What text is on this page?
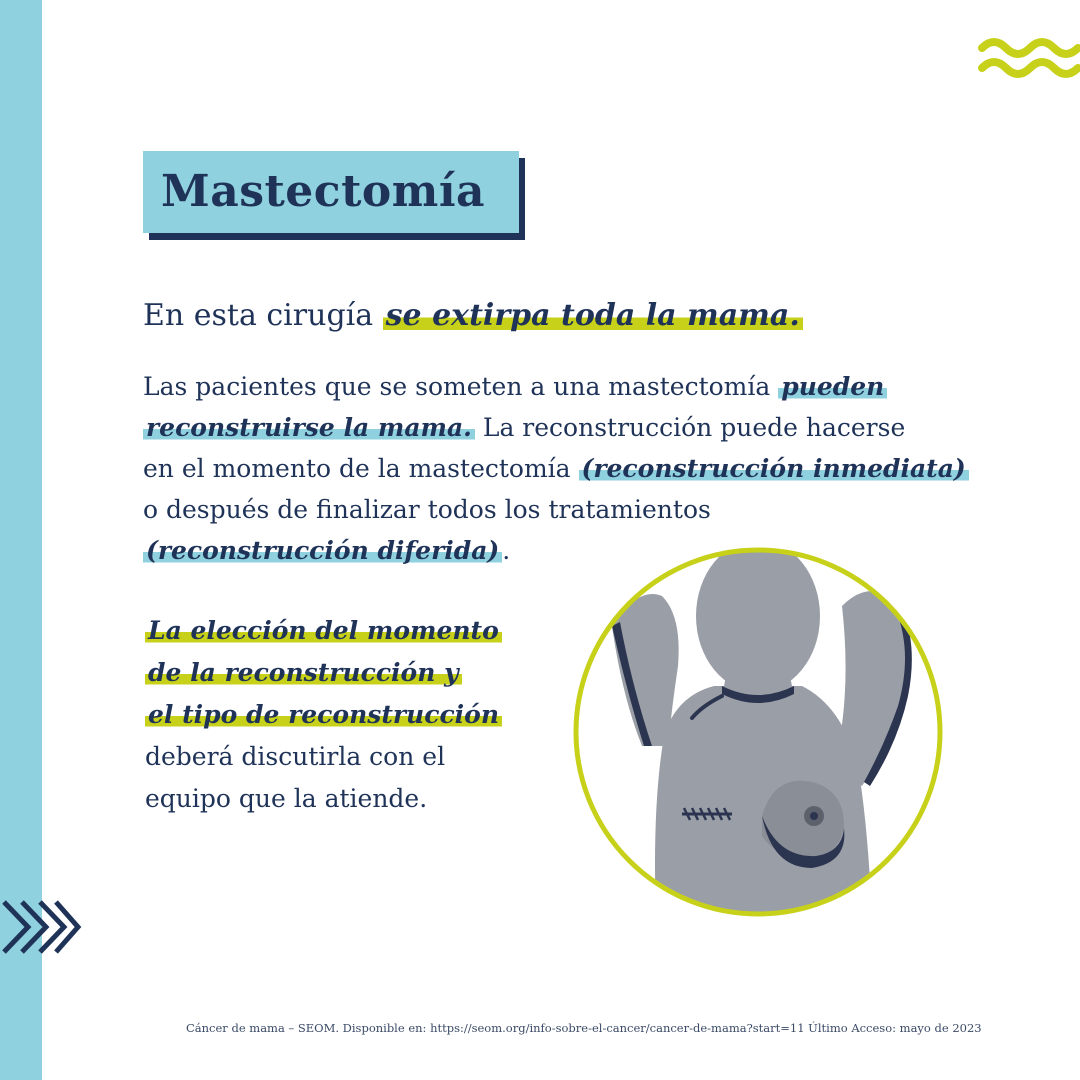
Mastectomía
En esta cirugía se extirpa toda la mama.
Las pacientes que se someten a una mastectomía pueden
reconstruirse la mama. La reconstrucción puede hacerse
en el momento de la mastectomía (reconstrucción inmediata)
o después de finalizar todos los tratamientos
(reconstrucción diferida) .
La elección del momento
de la reconstrucción y
el tipo de reconstrucción
deberá discutirla con el
equipo que la atiende.
Cáncer de mama – SEOM. Disponible en: https://seom.org/info-sobre-el-cancer/cancer-de-mama?start=11 Último Acceso: mayo de 2023
